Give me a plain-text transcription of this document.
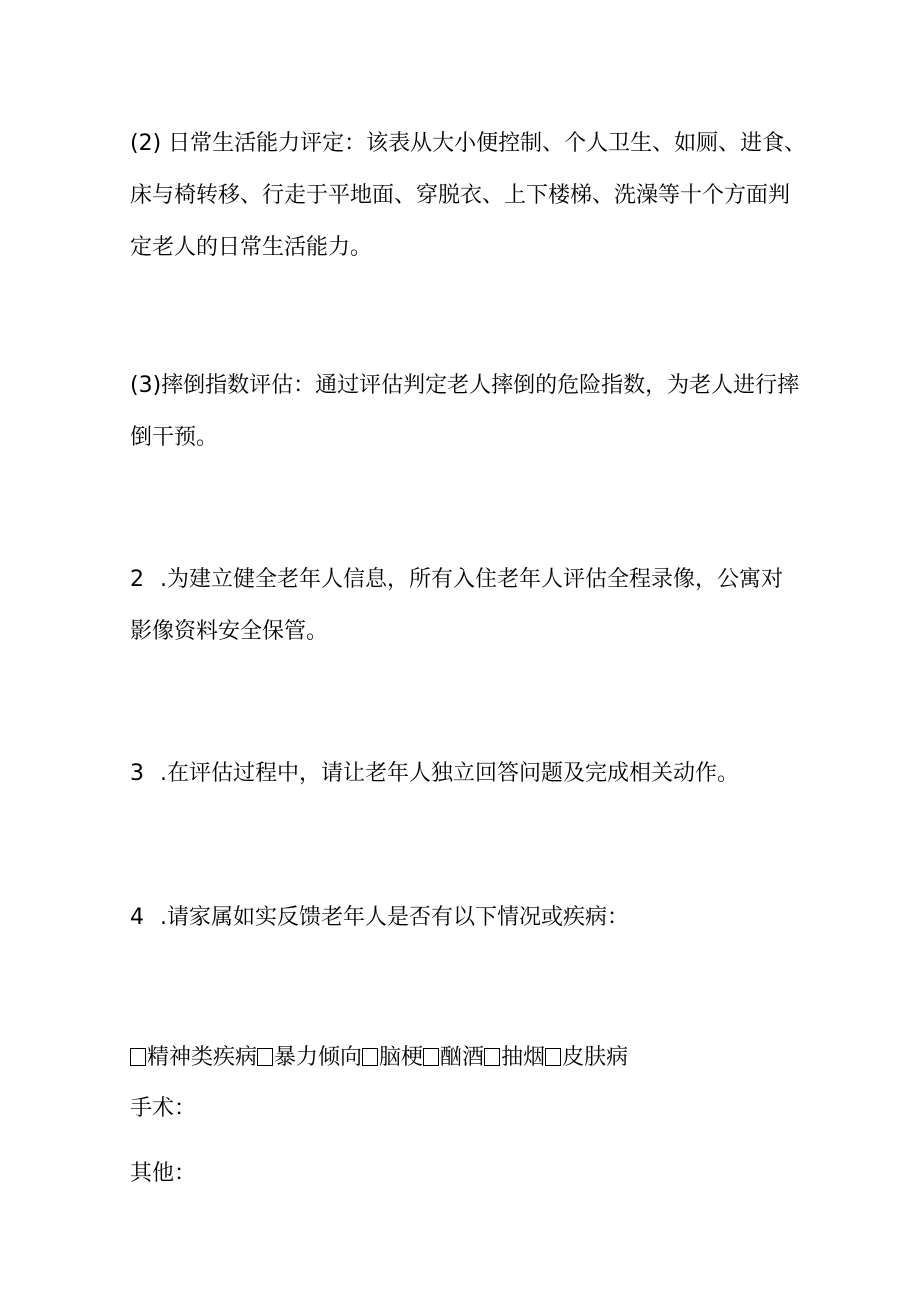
(2) 日常生活能力评定：该表从大小便控制、个人卫生、如厕、进食、
床与椅转移、行走于平地面、穿脱衣、上下楼梯、洗澡等十个方面判
定老人的日常生活能力。

(3)摔倒指数评估：通过评估判定老人摔倒的危险指数，为老人进行摔
倒干预。

2 .为建立健全老年人信息，所有入住老年人评估全程录像，公寓对
影像资料安全保管。

3 .在评估过程中，请让老年人独立回答问题及完成相关动作。

4 .请家属如实反馈老年人是否有以下情况或疾病：

精神类疾病 暴力倾向 脑梗 酗酒 抽烟 皮肤病

手术：

其他：
